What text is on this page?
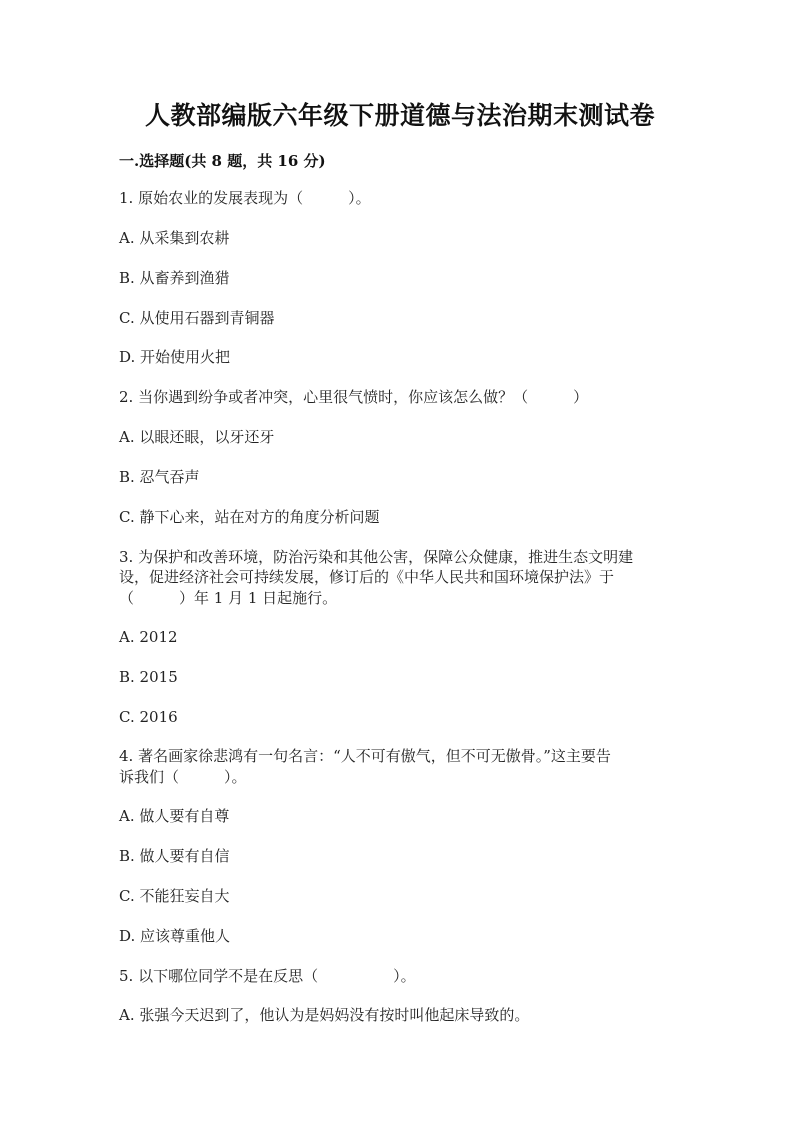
人教部编版六年级下册道德与法治期末测试卷
一.选择题(共 8 题，共 16 分)
1. 原始农业的发展表现为（　　　）。
A. 从采集到农耕
B. 从畜养到渔猎
C. 从使用石器到青铜器
D. 开始使用火把
2. 当你遇到纷争或者冲突，心里很气愤时，你应该怎么做？（　　　）
A. 以眼还眼，以牙还牙
B. 忍气吞声
C. 静下心来，站在对方的角度分析问题
3. 为保护和改善环境，防治污染和其他公害，保障公众健康，推进生态文明建
设，促进经济社会可持续发展，修订后的《中华人民共和国环境保护法》于
（　　　）年 1 月 1 日起施行。
A. 2012
B. 2015
C. 2016
4. 著名画家徐悲鸿有一句名言：“人不可有傲气，但不可无傲骨。”这主要告
诉我们（　　　）。
A. 做人要有自尊
B. 做人要有自信
C. 不能狂妄自大
D. 应该尊重他人
5. 以下哪位同学不是在反思（　　　　　）。
A. 张强今天迟到了，他认为是妈妈没有按时叫他起床导致的。
